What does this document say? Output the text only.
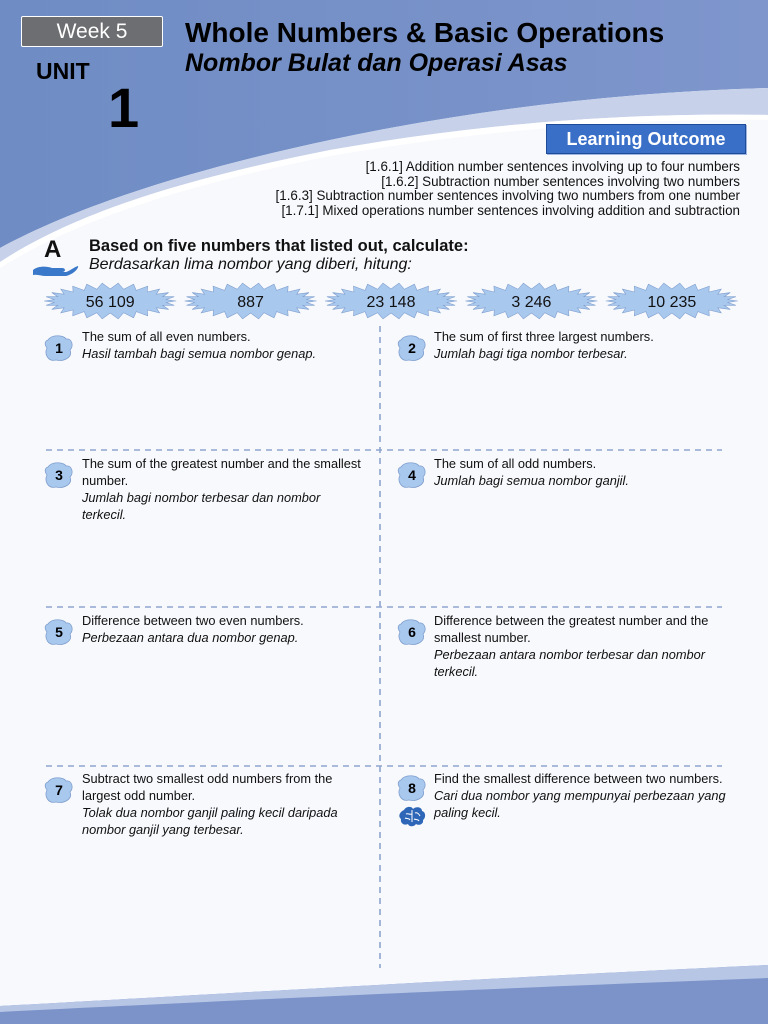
Week 5
UNIT
1
Whole Numbers & Basic Operations
Nombor Bulat dan Operasi Asas
Learning Outcome
[1.6.1] Addition number sentences involving up to four numbers
[1.6.2] Subtraction number sentences involving two numbers
[1.6.3] Subtraction number sentences involving two numbers from one number
[1.7.1] Mixed operations number sentences involving addition and subtraction
A Based on five numbers that listed out, calculate:
Berdasarkan lima nombor yang diberi, hitung:
56 109	887	23 148	3 246	10 235
1
The sum of all even numbers.
Hasil tambah bagi semua nombor genap.	2
The sum of first three largest numbers.
Jumlah bagi tiga nombor terbesar.
3
The sum of the greatest number and the smallest number.
Jumlah bagi nombor terbesar dan nombor terkecil.
4
The sum of all odd numbers.
Jumlah bagi semua nombor ganjil.
5
Difference between two even numbers.
Perbezaan antara dua nombor genap.	6
Difference between the greatest number and the smallest number.
Perbezaan antara nombor terbesar dan nombor terkecil.
7
Subtract two smallest odd numbers from the largest odd number.
Tolak dua nombor ganjil paling kecil daripada nombor ganjil yang terbesar.
8
Find the smallest difference between two numbers.
Cari dua nombor yang mempunyai perbezaan yang paling kecil.
